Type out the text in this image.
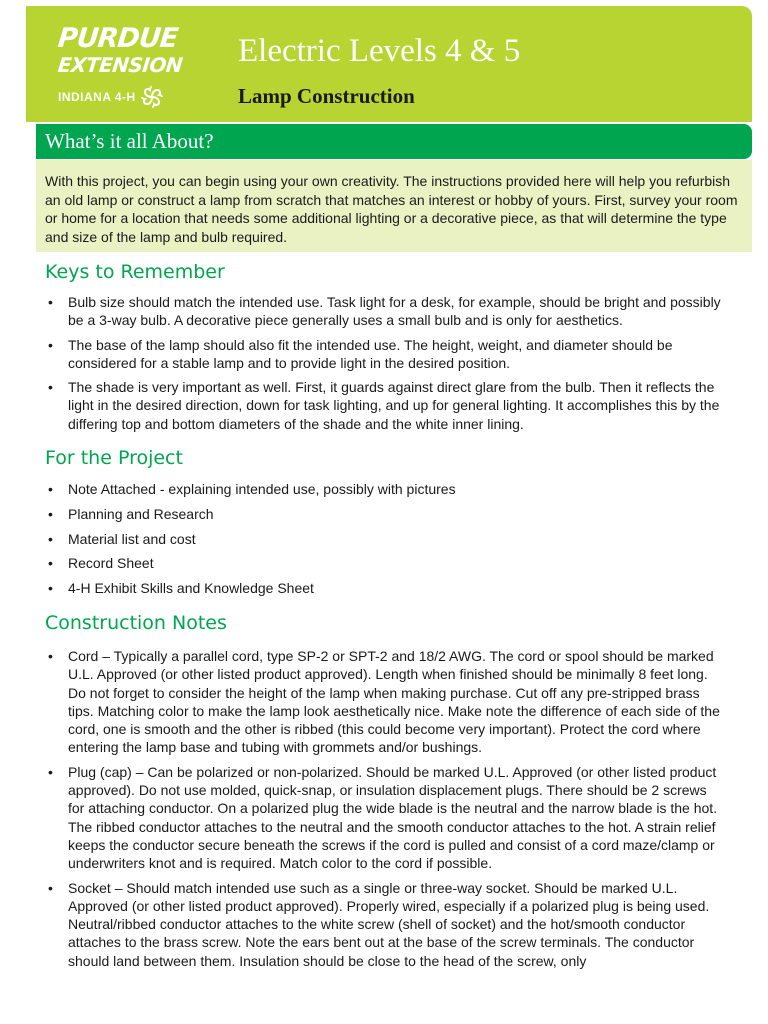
PURDUE
EXTENSION
INDIANA 4-H
Electric Levels 4 & 5
Lamp Construction
What’s it all About?

With this project, you can begin using your own creativity. The instructions provided here will help you refurbish an old lamp or construct a lamp from scratch that matches an interest or hobby of yours. First, survey your room or home for a location that needs some additional lighting or a decorative piece, as that will determine the type and size of the lamp and bulb required.

Keys to Remember
• Bulb size should match the intended use. Task light for a desk, for example, should be bright and possibly be a 3-way bulb. A decorative piece generally uses a small bulb and is only for aesthetics.
• The base of the lamp should also fit the intended use. The height, weight, and diameter should be considered for a stable lamp and to provide light in the desired position.
• The shade is very important as well. First, it guards against direct glare from the bulb. Then it reflects the light in the desired direction, down for task lighting, and up for general lighting. It accomplishes this by the differing top and bottom diameters of the shade and the white inner lining.
For the Project
• Note Attached - explaining intended use, possibly with pictures
• Planning and Research
• Material list and cost
• Record Sheet
• 4-H Exhibit Skills and Knowledge Sheet
Construction Notes
• Cord – Typically a parallel cord, type SP-2 or SPT-2 and 18/2 AWG. The cord or spool should be marked U.L. Approved (or other listed product approved). Length when finished should be minimally 8 feet long. Do not forget to consider the height of the lamp when making purchase. Cut off any pre-stripped brass tips. Matching color to make the lamp look aesthetically nice. Make note the difference of each side of the cord, one is smooth and the other is ribbed (this could become very important). Protect the cord where entering the lamp base and tubing with grommets and/or bushings.
• Plug (cap) – Can be polarized or non-polarized. Should be marked U.L. Approved (or other listed product approved). Do not use molded, quick-snap, or insulation displacement plugs. There should be 2 screws for attaching conductor. On a polarized plug the wide blade is the neutral and the narrow blade is the hot. The ribbed conductor attaches to the neutral and the smooth conductor attaches to the hot. A strain relief keeps the conductor secure beneath the screws if the cord is pulled and consist of a cord maze/clamp or underwriters knot and is required. Match color to the cord if possible.
• Socket – Should match intended use such as a single or three-way socket. Should be marked U.L. Approved (or other listed product approved). Properly wired, especially if a polarized plug is being used. Neutral/ribbed conductor attaches to the white screw (shell of socket) and the hot/smooth conductor attaches to the brass screw. Note the ears bent out at the base of the screw terminals. The conductor should land between them. Insulation should be close to the head of the screw, only
